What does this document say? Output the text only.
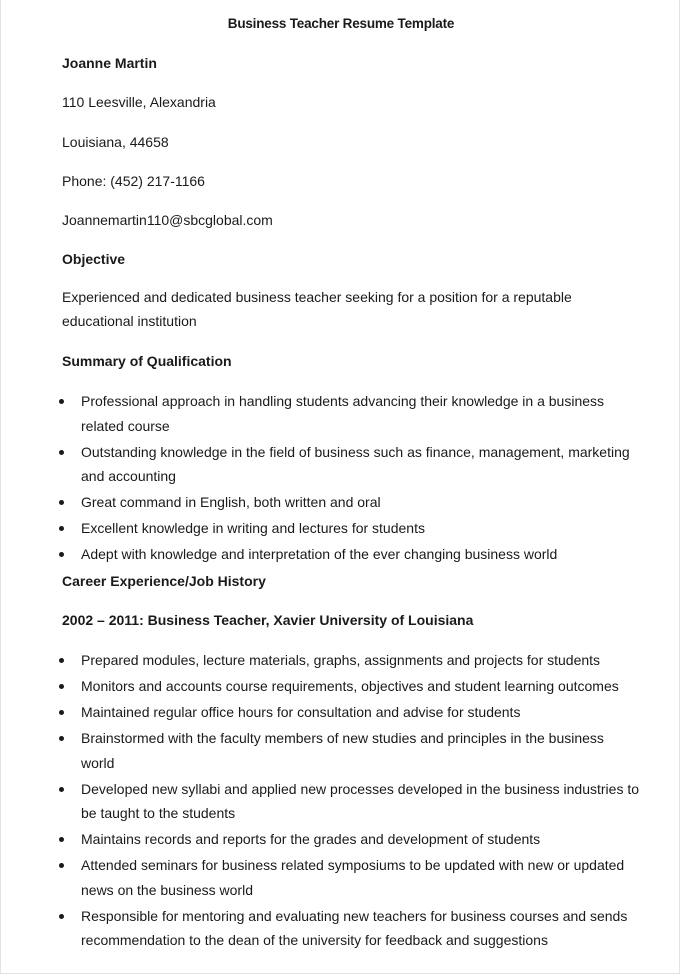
Business Teacher Resume Template
Joanne Martin
110 Leesville, Alexandria
Louisiana, 44658
Phone: (452) 217-1166
Joannemartin110@sbcglobal.com
Objective
Experienced and dedicated business teacher seeking for a position for a reputable educational institution
Summary of Qualification
Professional approach in handling students advancing their knowledge in a business related course
Outstanding knowledge in the field of business such as finance, management, marketing and accounting
Great command in English, both written and oral
Excellent knowledge in writing and lectures for students
Adept with knowledge and interpretation of the ever changing business world
Career Experience/Job History
2002 – 2011: Business Teacher, Xavier University of Louisiana
Prepared modules, lecture materials, graphs, assignments and projects for students
Monitors and accounts course requirements, objectives and student learning outcomes
Maintained regular office hours for consultation and advise for students
Brainstormed with the faculty members of new studies and principles in the business world
Developed new syllabi and applied new processes developed in the business industries to be taught to the students
Maintains records and reports for the grades and development of students
Attended seminars for business related symposiums to be updated with new or updated news on the business world
Responsible for mentoring and evaluating new teachers for business courses and sends recommendation to the dean of the university for feedback and suggestions
